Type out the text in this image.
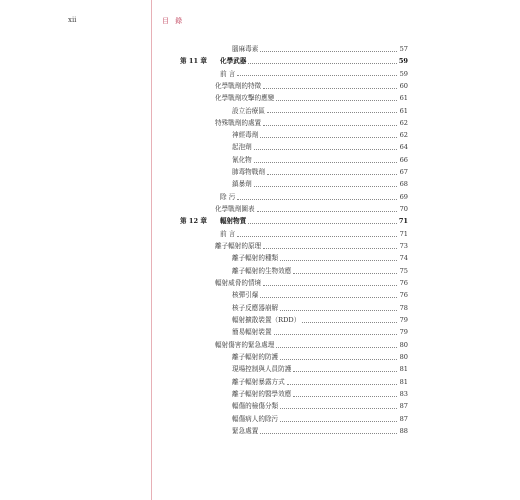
xii	目 錄
腦麻毒素	57
第 11 章	化學武器	59
前 言	59
化學戰劑的特徵	60
化學戰劑攻擊的應變	61
設立治療區	61
特殊戰劑的處置	62
神經毒劑	62
起泡劑	64
氰化物	66
肺毒物戰劑	67
鎮暴劑	68
除 污	69
化學戰劑圖表	70
第 12 章	輻射物質	71
前 言	71
離子輻射的原理	73
離子輻射的種類	74
離子輻射的生物效應	75
輻射威脅的情境	76
核彈引爆	76
核子反應器崩解	78
輻射擴散裝置（RDD）	79
簡易輻射裝置	79
輻射傷害的緊急處理	80
離子輻射的防護	80
現場控制與人員防護	81
離子輻射暴露方式	81
離子輻射的醫學效應	83
輻傷的檢傷分類	87
輻傷病人的除污	87
緊急處置	88
